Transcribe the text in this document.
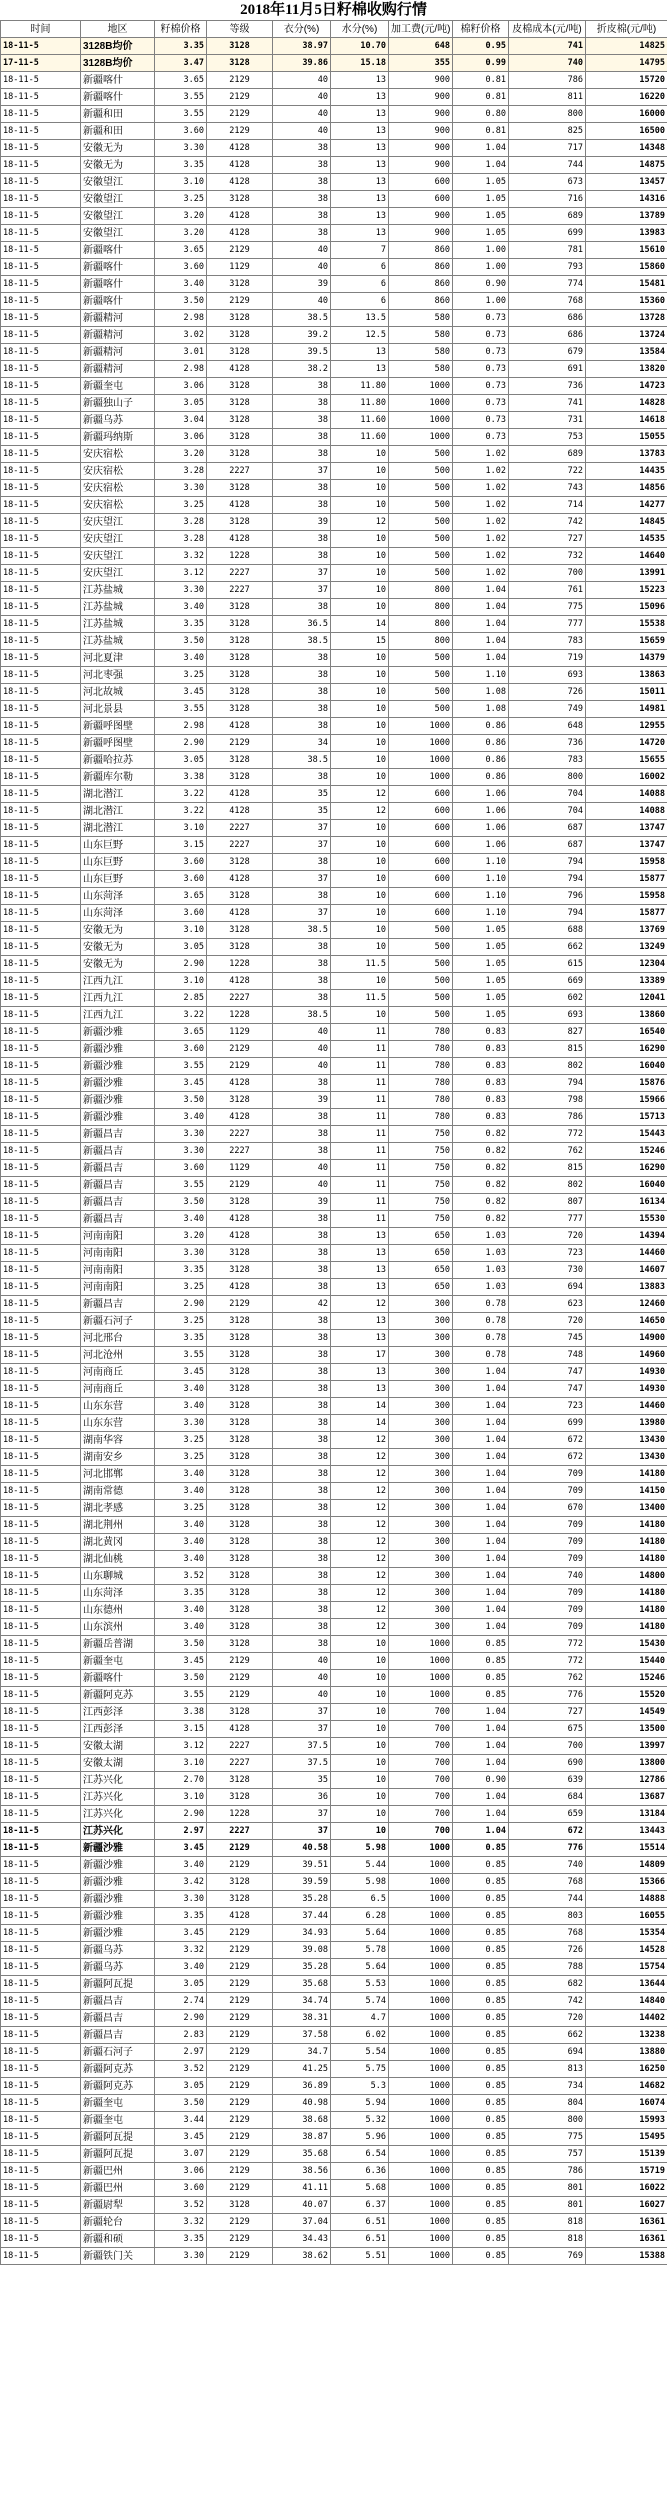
2018年11月5日籽棉收购行情
时间	地区	籽棉价格	等级	衣分(%)	水分(%)	加工费(元/吨)	棉籽价格	皮棉成本(元/吨)	折皮棉(元/吨)
18-11-5	3128B均价	3.35	3128	38.97	10.70	648	0.95	741	14825
17-11-5	3128B均价	3.47	3128	39.86	15.18	355	0.99	740	14795
18-11-5	新疆喀什	3.65	2129	40	13	900	0.81	786	15720
18-11-5	新疆喀什	3.55	2129	40	13	900	0.81	811	16220
18-11-5	新疆和田	3.55	2129	40	13	900	0.80	800	16000
18-11-5	新疆和田	3.60	2129	40	13	900	0.81	825	16500
18-11-5	安徽无为	3.30	4128	38	13	900	1.04	717	14348
18-11-5	安徽无为	3.35	4128	38	13	900	1.04	744	14875
18-11-5	安徽望江	3.10	4128	38	13	600	1.05	673	13457
18-11-5	安徽望江	3.25	3128	38	13	600	1.05	716	14316
18-11-5	安徽望江	3.20	4128	38	13	900	1.05	689	13789
18-11-5	安徽望江	3.20	4128	38	13	900	1.05	699	13983
18-11-5	新疆喀什	3.65	2129	40	7	860	1.00	781	15610
18-11-5	新疆喀什	3.60	1129	40	6	860	1.00	793	15860
18-11-5	新疆喀什	3.40	3128	39	6	860	0.90	774	15481
18-11-5	新疆喀什	3.50	2129	40	6	860	1.00	768	15360
18-11-5	新疆精河	2.98	3128	38.5	13.5	580	0.73	686	13728
18-11-5	新疆精河	3.02	3128	39.2	12.5	580	0.73	686	13724
18-11-5	新疆精河	3.01	3128	39.5	13	580	0.73	679	13584
18-11-5	新疆精河	2.98	4128	38.2	13	580	0.73	691	13820
18-11-5	新疆奎屯	3.06	3128	38	11.80	1000	0.73	736	14723
18-11-5	新疆独山子	3.05	3128	38	11.80	1000	0.73	741	14828
18-11-5	新疆乌苏	3.04	3128	38	11.60	1000	0.73	731	14618
18-11-5	新疆玛纳斯	3.06	3128	38	11.60	1000	0.73	753	15055
18-11-5	安庆宿松	3.20	3128	38	10	500	1.02	689	13783
18-11-5	安庆宿松	3.28	2227	37	10	500	1.02	722	14435
18-11-5	安庆宿松	3.30	3128	38	10	500	1.02	743	14856
18-11-5	安庆宿松	3.25	4128	38	10	500	1.02	714	14277
18-11-5	安庆望江	3.28	3128	39	12	500	1.02	742	14845
18-11-5	安庆望江	3.28	4128	38	10	500	1.02	727	14535
18-11-5	安庆望江	3.32	1228	38	10	500	1.02	732	14640
18-11-5	安庆望江	3.12	2227	37	10	500	1.02	700	13991
18-11-5	江苏盐城	3.30	2227	37	10	800	1.04	761	15223
18-11-5	江苏盐城	3.40	3128	38	10	800	1.04	775	15096
18-11-5	江苏盐城	3.35	3128	36.5	14	800	1.04	777	15538
18-11-5	江苏盐城	3.50	3128	38.5	15	800	1.04	783	15659
18-11-5	河北夏津	3.40	3128	38	10	500	1.04	719	14379
18-11-5	河北枣强	3.25	3128	38	10	500	1.10	693	13863
18-11-5	河北故城	3.45	3128	38	10	500	1.08	726	15011
18-11-5	河北景县	3.55	3128	38	10	500	1.08	749	14981
18-11-5	新疆呼图壁	2.98	4128	38	10	1000	0.86	648	12955
18-11-5	新疆呼图壁	2.90	2129	34	10	1000	0.86	736	14720
18-11-5	新疆哈拉苏	3.05	3128	38.5	10	1000	0.86	783	15655
18-11-5	新疆库尔勒	3.38	3128	38	10	1000	0.86	800	16002
18-11-5	湖北潜江	3.22	4128	35	12	600	1.06	704	14088
18-11-5	湖北潜江	3.22	4128	35	12	600	1.06	704	14088
18-11-5	湖北潜江	3.10	2227	37	10	600	1.06	687	13747
18-11-5	山东巨野	3.15	2227	37	10	600	1.06	687	13747
18-11-5	山东巨野	3.60	3128	38	10	600	1.10	794	15958
18-11-5	山东巨野	3.60	4128	37	10	600	1.10	794	15877
18-11-5	山东菏泽	3.65	3128	38	10	600	1.10	796	15958
18-11-5	山东菏泽	3.60	4128	37	10	600	1.10	794	15877
18-11-5	安徽无为	3.10	3128	38.5	10	500	1.05	688	13769
18-11-5	安徽无为	3.05	3128	38	10	500	1.05	662	13249
18-11-5	安徽无为	2.90	1228	38	11.5	500	1.05	615	12304
18-11-5	江西九江	3.10	4128	38	10	500	1.05	669	13389
18-11-5	江西九江	2.85	2227	38	11.5	500	1.05	602	12041
18-11-5	江西九江	3.22	1228	38.5	10	500	1.05	693	13860
18-11-5	新疆沙雅	3.65	1129	40	11	780	0.83	827	16540
18-11-5	新疆沙雅	3.60	2129	40	11	780	0.83	815	16290
18-11-5	新疆沙雅	3.55	2129	40	11	780	0.83	802	16040
18-11-5	新疆沙雅	3.45	4128	38	11	780	0.83	794	15876
18-11-5	新疆沙雅	3.50	3128	39	11	780	0.83	798	15966
18-11-5	新疆沙雅	3.40	4128	38	11	780	0.83	786	15713
18-11-5	新疆昌吉	3.30	2227	38	11	750	0.82	772	15443
18-11-5	新疆昌吉	3.30	2227	38	11	750	0.82	762	15246
18-11-5	新疆昌吉	3.60	1129	40	11	750	0.82	815	16290
18-11-5	新疆昌吉	3.55	2129	40	11	750	0.82	802	16040
18-11-5	新疆昌吉	3.50	3128	39	11	750	0.82	807	16134
18-11-5	新疆昌吉	3.40	4128	38	11	750	0.82	777	15530
18-11-5	河南南阳	3.20	4128	38	13	650	1.03	720	14394
18-11-5	河南南阳	3.30	3128	38	13	650	1.03	723	14460
18-11-5	河南南阳	3.35	3128	38	13	650	1.03	730	14607
18-11-5	河南南阳	3.25	4128	38	13	650	1.03	694	13883
18-11-5	新疆昌吉	2.90	2129	42	12	300	0.78	623	12460
18-11-5	新疆石河子	3.25	3128	38	13	300	0.78	720	14650
18-11-5	河北邢台	3.35	3128	38	13	300	0.78	745	14900
18-11-5	河北沧州	3.55	3128	38	17	300	0.78	748	14960
18-11-5	河南商丘	3.45	3128	38	13	300	1.04	747	14930
18-11-5	河南商丘	3.40	3128	38	13	300	1.04	747	14930
18-11-5	山东东营	3.40	3128	38	14	300	1.04	723	14460
18-11-5	山东东营	3.30	3128	38	14	300	1.04	699	13980
18-11-5	湖南华容	3.25	3128	38	12	300	1.04	672	13430
18-11-5	湖南安乡	3.25	3128	38	12	300	1.04	672	13430
18-11-5	河北邯郸	3.40	3128	38	12	300	1.04	709	14180
18-11-5	湖南常德	3.40	3128	38	12	300	1.04	709	14150
18-11-5	湖北孝感	3.25	3128	38	12	300	1.04	670	13400
18-11-5	湖北荆州	3.40	3128	38	12	300	1.04	709	14180
18-11-5	湖北黄冈	3.40	3128	38	12	300	1.04	709	14180
18-11-5	湖北仙桃	3.40	3128	38	12	300	1.04	709	14180
18-11-5	山东聊城	3.52	3128	38	12	300	1.04	740	14800
18-11-5	山东菏泽	3.35	3128	38	12	300	1.04	709	14180
18-11-5	山东德州	3.40	3128	38	12	300	1.04	709	14180
18-11-5	山东滨州	3.40	3128	38	12	300	1.04	709	14180
18-11-5	新疆岳普湖	3.50	3128	38	10	1000	0.85	772	15430
18-11-5	新疆奎屯	3.45	2129	40	10	1000	0.85	772	15440
18-11-5	新疆喀什	3.50	2129	40	10	1000	0.85	762	15246
18-11-5	新疆阿克苏	3.55	2129	40	10	1000	0.85	776	15520
18-11-5	江西彭泽	3.38	3128	37	10	700	1.04	727	14549
18-11-5	江西彭泽	3.15	4128	37	10	700	1.04	675	13500
18-11-5	安徽太湖	3.12	2227	37.5	10	700	1.04	700	13997
18-11-5	安徽太湖	3.10	2227	37.5	10	700	1.04	690	13800
18-11-5	江苏兴化	2.70	3128	35	10	700	0.90	639	12786
18-11-5	江苏兴化	3.10	3128	36	10	700	1.04	684	13687
18-11-5	江苏兴化	2.90	1228	37	10	700	1.04	659	13184
18-11-5	江苏兴化	2.97	2227	37	10	700	1.04	672	13443
18-11-5	新疆沙雅	3.45	2129	40.58	5.98	1000	0.85	776	15514
18-11-5	新疆沙雅	3.40	2129	39.51	5.44	1000	0.85	740	14809
18-11-5	新疆沙雅	3.42	3128	39.59	5.98	1000	0.85	768	15366
18-11-5	新疆沙雅	3.30	3128	35.28	6.5	1000	0.85	744	14888
18-11-5	新疆沙雅	3.35	4128	37.44	6.28	1000	0.85	803	16055
18-11-5	新疆沙雅	3.45	2129	34.93	5.64	1000	0.85	768	15354
18-11-5	新疆乌苏	3.32	2129	39.08	5.78	1000	0.85	726	14528
18-11-5	新疆乌苏	3.40	2129	35.28	5.64	1000	0.85	788	15754
18-11-5	新疆阿瓦提	3.05	2129	35.68	5.53	1000	0.85	682	13644
18-11-5	新疆昌吉	2.74	2129	34.74	5.74	1000	0.85	742	14840
18-11-5	新疆昌吉	2.90	2129	38.31	4.7	1000	0.85	720	14402
18-11-5	新疆昌吉	2.83	2129	37.58	6.02	1000	0.85	662	13238
18-11-5	新疆石河子	2.97	2129	34.7	5.54	1000	0.85	694	13880
18-11-5	新疆阿克苏	3.52	2129	41.25	5.75	1000	0.85	813	16250
18-11-5	新疆阿克苏	3.05	2129	36.89	5.3	1000	0.85	734	14682
18-11-5	新疆奎屯	3.50	2129	40.98	5.94	1000	0.85	804	16074
18-11-5	新疆奎屯	3.44	2129	38.68	5.32	1000	0.85	800	15993
18-11-5	新疆阿瓦提	3.45	2129	38.87	5.96	1000	0.85	775	15495
18-11-5	新疆阿瓦提	3.07	2129	35.68	6.54	1000	0.85	757	15139
18-11-5	新疆巴州	3.06	2129	38.56	6.36	1000	0.85	786	15719
18-11-5	新疆巴州	3.60	2129	41.11	5.68	1000	0.85	801	16022
18-11-5	新疆尉犁	3.52	3128	40.07	6.37	1000	0.85	801	16027
18-11-5	新疆轮台	3.32	2129	37.04	6.51	1000	0.85	818	16361
18-11-5	新疆和硕	3.35	2129	34.43	6.51	1000	0.85	818	16361
18-11-5	新疆铁门关	3.30	2129	38.62	5.51	1000	0.85	769	15388
